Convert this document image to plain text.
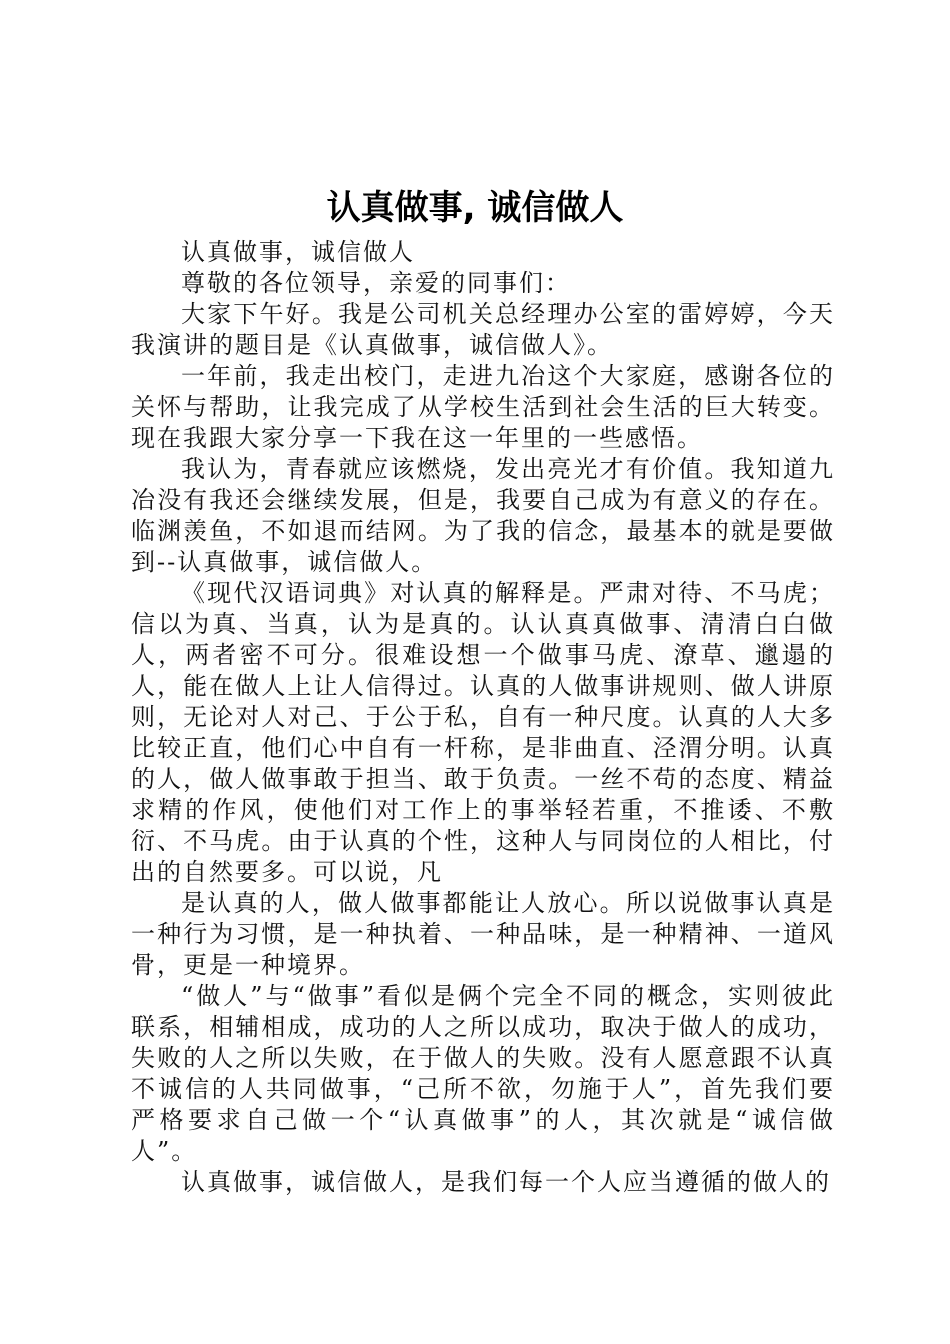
认真做事, 诚信做人

认真做事，诚信做人

尊敬的各位领导，亲爱的同事们：

大家下午好。我是公司机关总经理办公室的雷婷婷，今天我演讲的题目是《认真做事，诚信做人》。

一年前，我走出校门，走进九冶这个大家庭，感谢各位的关怀与帮助，让我完成了从学校生活到社会生活的巨大转变。现在我跟大家分享一下我在这一年里的一些感悟。

我认为，青春就应该燃烧，发出亮光才有价值。我知道九冶没有我还会继续发展，但是，我要自己成为有意义的存在。临渊羡鱼，不如退而结网。为了我的信念，最基本的就是要做到--认真做事，诚信做人。

《现代汉语词典》对认真的解释是。严肃对待、不马虎；信以为真、当真，认为是真的。认认真真做事、清清白白做人，两者密不可分。很难设想一个做事马虎、潦草、邋遢的人，能在做人上让人信得过。认真的人做事讲规则、做人讲原则，无论对人对己、于公于私，自有一种尺度。认真的人大多比较正直，他们心中自有一杆称，是非曲直、泾渭分明。认真的人，做人做事敢于担当、敢于负责。一丝不苟的态度、精益求精的作风，使他们对工作上的事举轻若重，不推诿、不敷衍、不马虎。由于认真的个性，这种人与同岗位的人相比，付出的自然要多。可以说，凡

是认真的人，做人做事都能让人放心。所以说做事认真是一种行为习惯，是一种执着、一种品味，是一种精神、一道风骨，更是一种境界。

“做人”与“做事”看似是俩个完全不同的概念，实则彼此联系，相辅相成，成功的人之所以成功，取决于做人的成功，失败的人之所以失败，在于做人的失败。没有人愿意跟不认真不诚信的人共同做事，“己所不欲，勿施于人”，首先我们要严格要求自己做一个“认真做事”的人，其次就是“诚信做人”。

认真做事，诚信做人，是我们每一个人应当遵循的做人的
